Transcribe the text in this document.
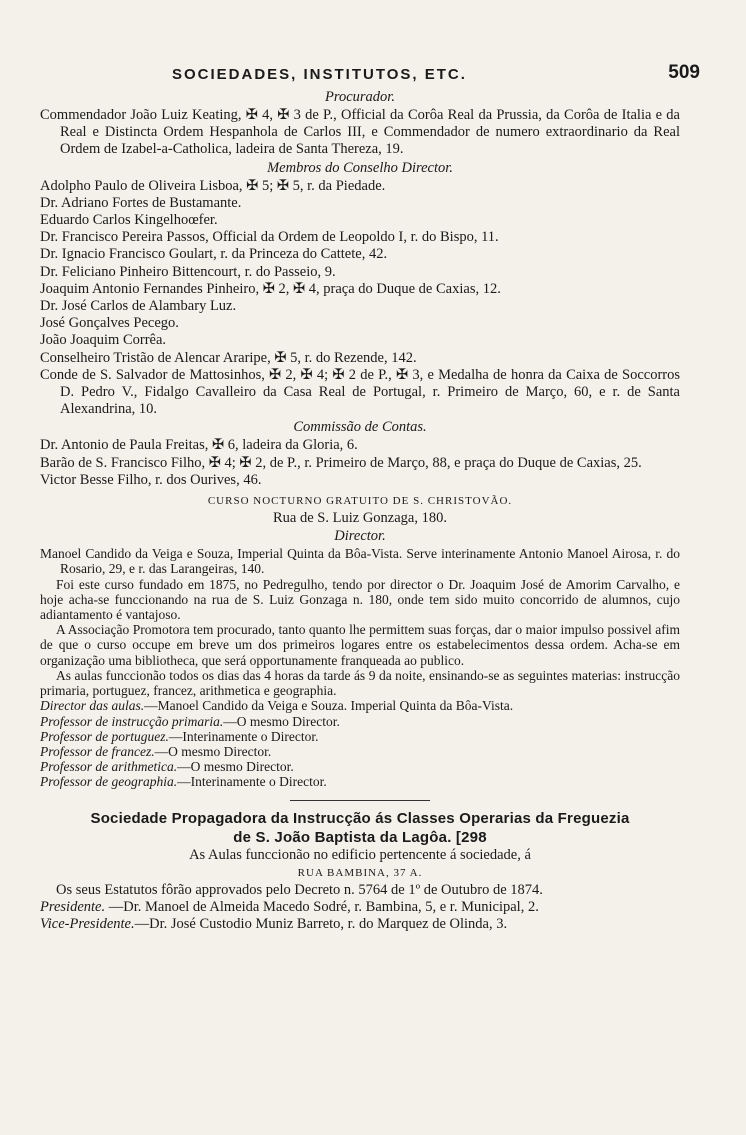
SOCIEDADES, INSTITUTOS, ETC.	509
Procurador.

Commendador João Luiz Keating, ✠ 4, ✠ 3 de P., Official da Corôa Real da Prussia, da Corôa de Italia e da Real e Distincta Ordem Hespanhola de Carlos III, e Commendador de numero extraordinario da Real Ordem de Izabel-a-Catholica, ladeira de Santa Thereza, 19.

Membros do Conselho Director.

Adolpho Paulo de Oliveira Lisboa, ✠ 5; ✠ 5, r. da Piedade.

Dr. Adriano Fortes de Bustamante.

Eduardo Carlos Kingelhoœfer.

Dr. Francisco Pereira Passos, Official da Ordem de Leopoldo I, r. do Bispo, 11.

Dr. Ignacio Francisco Goulart, r. da Princeza do Cattete, 42.

Dr. Feliciano Pinheiro Bittencourt, r. do Passeio, 9.

Joaquim Antonio Fernandes Pinheiro, ✠ 2, ✠ 4, praça do Duque de Caxias, 12.

Dr. José Carlos de Alambary Luz.

José Gonçalves Pecego.

João Joaquim Corrêa.

Conselheiro Tristão de Alencar Araripe, ✠ 5, r. do Rezende, 142.

Conde de S. Salvador de Mattosinhos, ✠ 2, ✠ 4; ✠ 2 de P., ✠ 3, e Medalha de honra da Caixa de Soccorros D. Pedro V., Fidalgo Cavalleiro da Casa Real de Portugal, r. Primeiro de Março, 60, e r. de Santa Alexandrina, 10.

Commissão de Contas.

Dr. Antonio de Paula Freitas, ✠ 6, ladeira da Gloria, 6.

Barão de S. Francisco Filho, ✠ 4; ✠ 2, de P., r. Primeiro de Março, 88, e praça do Duque de Caxias, 25.

Victor Besse Filho, r. dos Ourives, 46.

CURSO NOCTURNO GRATUITO DE S. CHRISTOVÃO.

Rua de S. Luiz Gonzaga, 180.

Director.

Manoel Candido da Veiga e Souza, Imperial Quinta da Bôa-Vista. Serve interinamente Antonio Manoel Airosa, r. do Rosario, 29, e r. das Larangeiras, 140.

Foi este curso fundado em 1875, no Pedregulho, tendo por director o Dr. Joaquim José de Amorim Carvalho, e hoje acha-se funccionando na rua de S. Luiz Gonzaga n. 180, onde tem sido muito concorrido de alumnos, cujo adiantamento é vantajoso.

A Associação Promotora tem procurado, tanto quanto lhe permittem suas forças, dar o maior impulso possivel afim de que o curso occupe em breve um dos primeiros logares entre os estabelecimentos dessa ordem. Acha-se em organização uma bibliotheca, que será opportunamente franqueada ao publico.

As aulas funccionão todos os dias das 4 horas da tarde ás 9 da noite, ensinando-se as seguintes materias: instrucção primaria, portuguez, francez, arithmetica e geographia.

Director das aulas.—Manoel Candido da Veiga e Souza. Imperial Quinta da Bôa-Vista.

Professor de instrucção primaria.—O mesmo Director.

Professor de portuguez.—Interinamente o Director.

Professor de francez.—O mesmo Director.

Professor de arithmetica.—O mesmo Director.

Professor de geographia.—Interinamente o Director.

Sociedade Propagadora da Instrucção ás Classes Operarias da Freguezia
de S. João Baptista da Lagôa. [298

As Aulas funccionão no edificio pertencente á sociedade, á

RUA BAMBINA, 37 A.

Os seus Estatutos fôrão approvados pelo Decreto n. 5764 de 1º de Outubro de 1874.

Presidente. —Dr. Manoel de Almeida Macedo Sodré, r. Bambina, 5, e r. Municipal, 2.

Vice-Presidente.—Dr. José Custodio Muniz Barreto, r. do Marquez de Olinda, 3.
